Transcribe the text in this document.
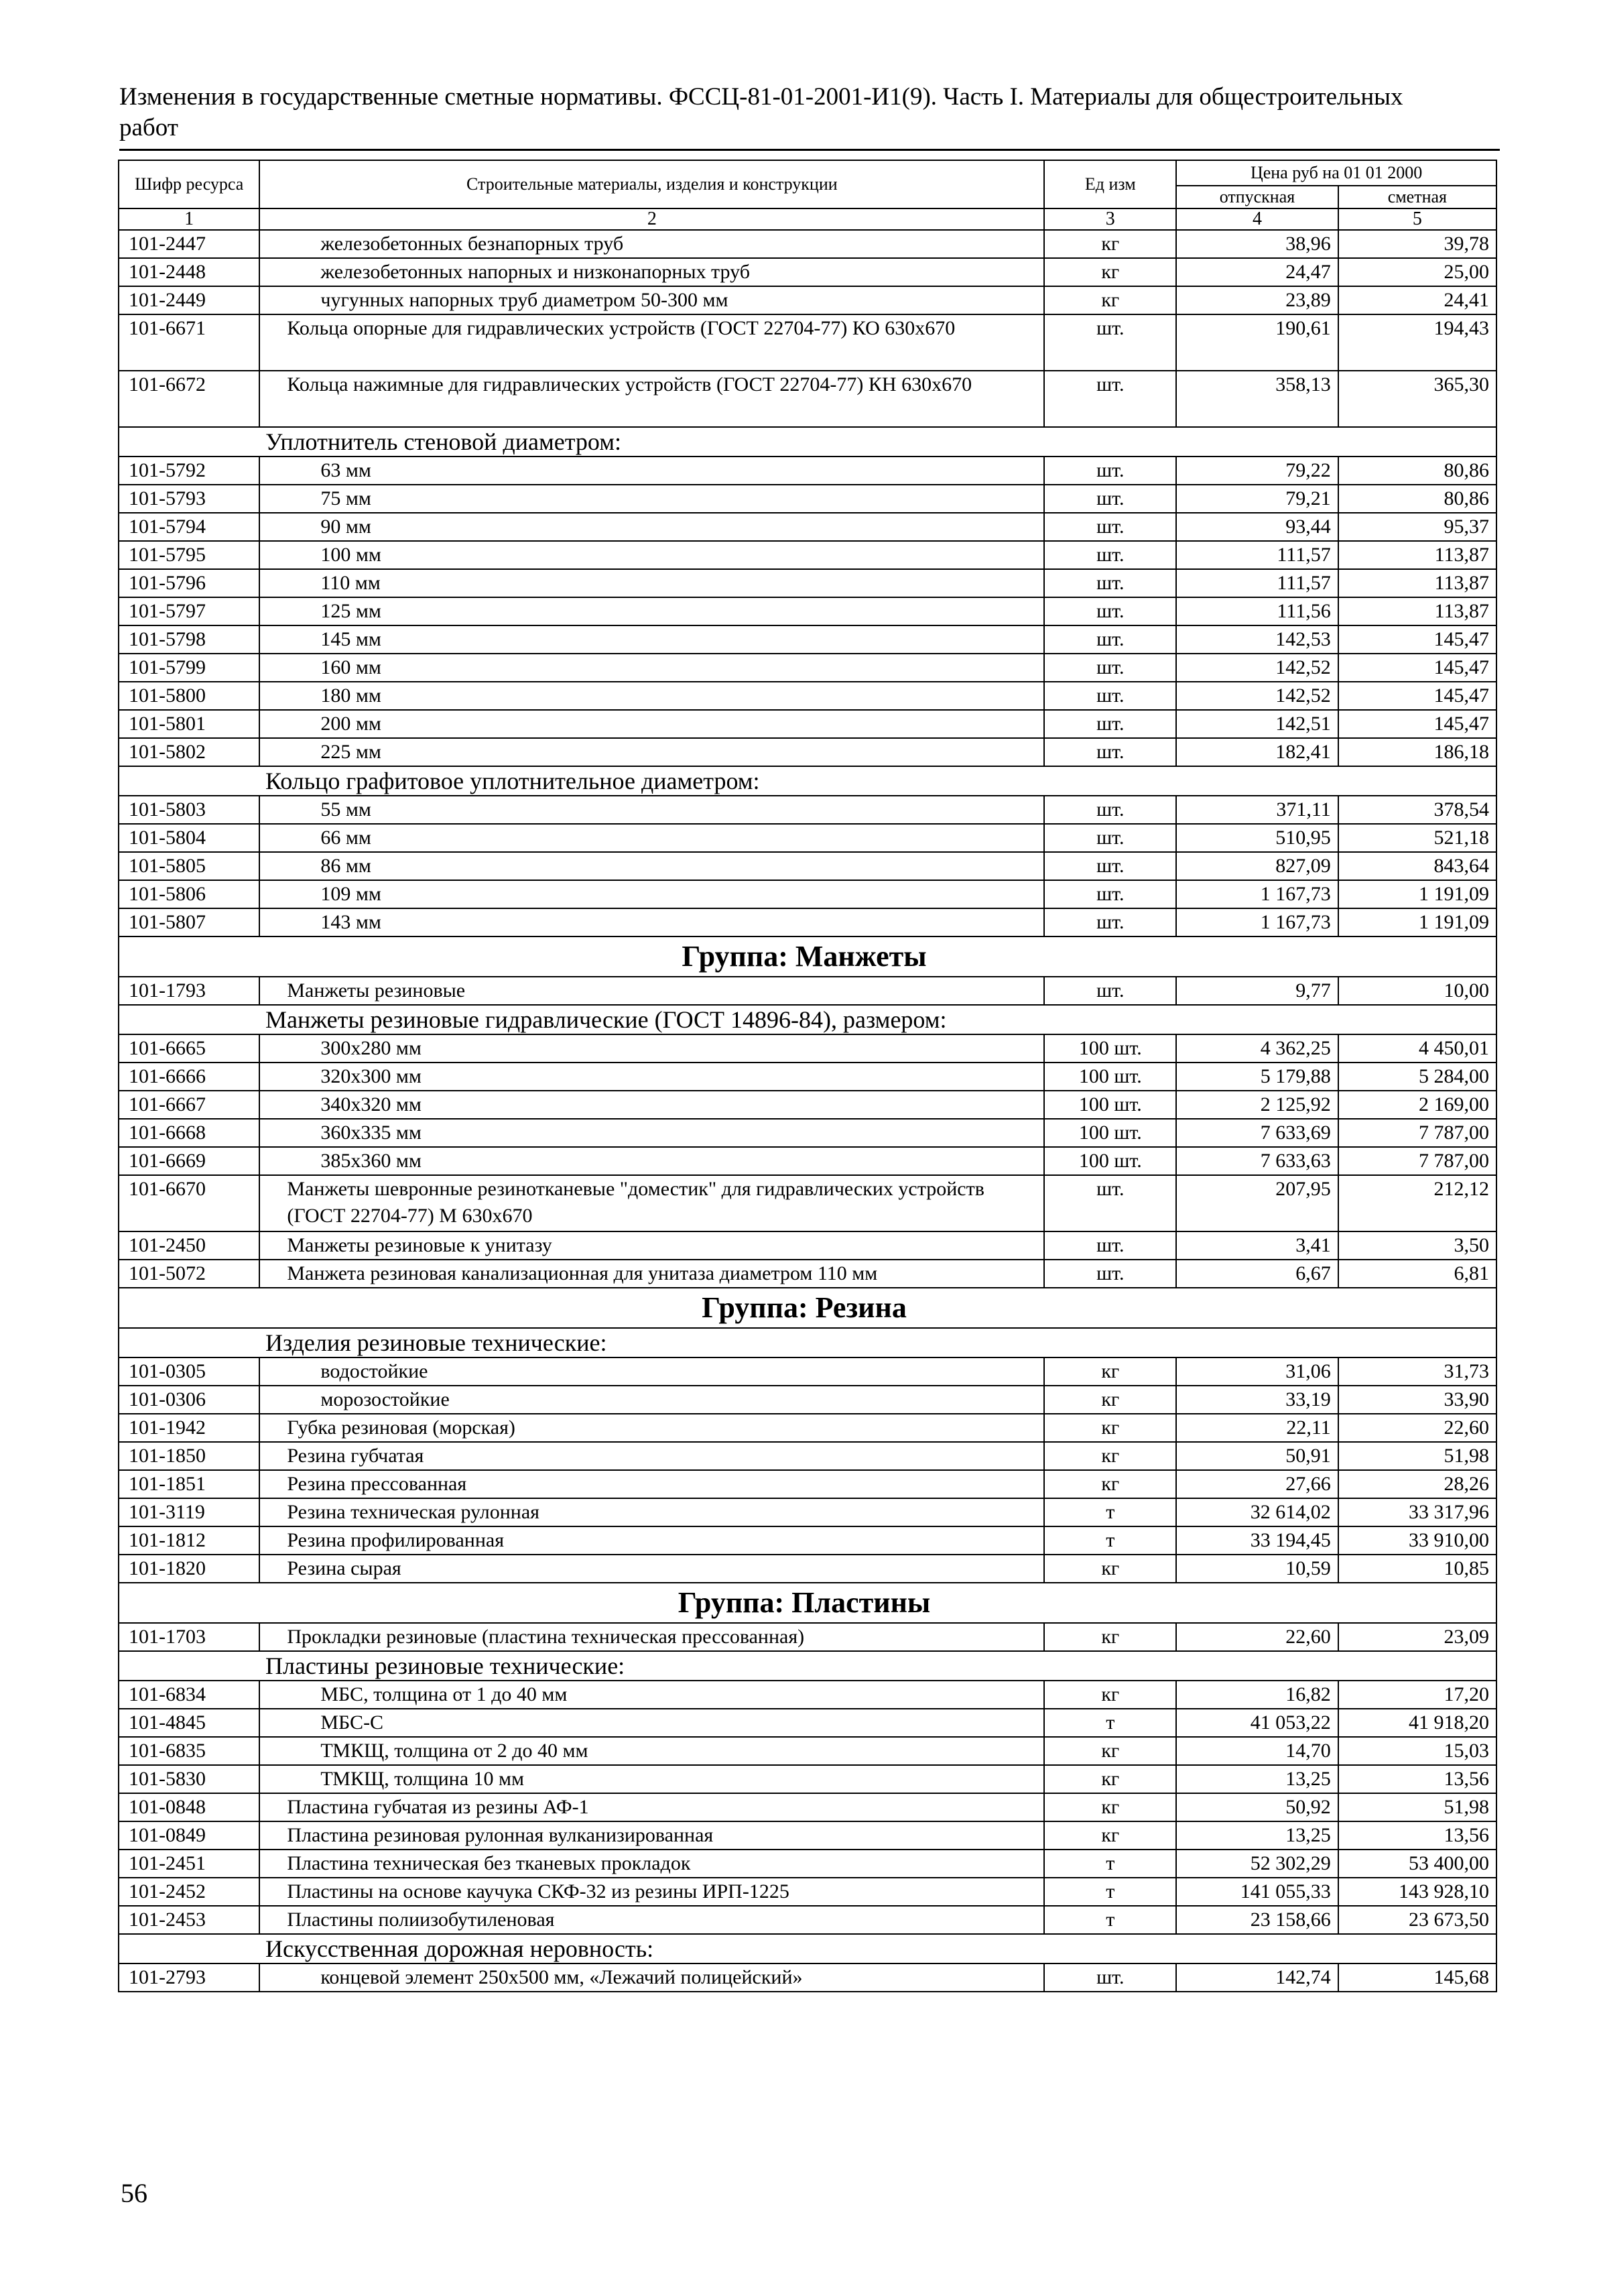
Изменения в государственные сметные нормативы. ФССЦ-81-01-2001-И1(9). Часть I. Материалы для общестроительных работ
Шифр ресурса	Строительные материалы, изделия и конструкции	Ед изм	Цена руб на 01 01 2000	
			отпускная	сметная
1	2	3	4	5
101-2447	железобетонных безнапорных труб	кг	38,96	39,78
101-2448	железобетонных напорных и низконапорных труб	кг	24,47	25,00
101-2449	чугунных напорных труб диаметром 50-300 мм	кг	23,89	24,41
101-6671	Кольца опорные для гидравлических устройств (ГОСТ 22704-77) КО 630х670	шт.	190,61	194,43
101-6672	Кольца нажимные для гидравлических устройств (ГОСТ 22704-77) КН 630х670	шт.	358,13	365,30
Уплотнитель стеновой диаметром:				
101-5792	63 мм	шт.	79,22	80,86
101-5793	75 мм	шт.	79,21	80,86
101-5794	90 мм	шт.	93,44	95,37
101-5795	100 мм	шт.	111,57	113,87
101-5796	110 мм	шт.	111,57	113,87
101-5797	125 мм	шт.	111,56	113,87
101-5798	145 мм	шт.	142,53	145,47
101-5799	160 мм	шт.	142,52	145,47
101-5800	180 мм	шт.	142,52	145,47
101-5801	200 мм	шт.	142,51	145,47
101-5802	225 мм	шт.	182,41	186,18
Кольцо графитовое уплотнительное диаметром:				
101-5803	55 мм	шт.	371,11	378,54
101-5804	66 мм	шт.	510,95	521,18
101-5805	86 мм	шт.	827,09	843,64
101-5806	109 мм	шт.	1 167,73	1 191,09
101-5807	143 мм	шт.	1 167,73	1 191,09
Группа: Манжеты				
101-1793	Манжеты резиновые	шт.	9,77	10,00
Манжеты резиновые гидравлические (ГОСТ 14896-84), размером:				
101-6665	300х280 мм	100 шт.	4 362,25	4 450,01
101-6666	320х300 мм	100 шт.	5 179,88	5 284,00
101-6667	340х320 мм	100 шт.	2 125,92	2 169,00
101-6668	360х335 мм	100 шт.	7 633,69	7 787,00
101-6669	385х360 мм	100 шт.	7 633,63	7 787,00
101-6670	Манжеты шевронные резинотканевые "доместик" для гидравлических устройств (ГОСТ 22704-77) М 630х670	шт.	207,95	212,12
101-2450	Манжеты резиновые к унитазу	шт.	3,41	3,50
101-5072	Манжета резиновая канализационная для унитаза диаметром 110 мм	шт.	6,67	6,81
Группа: Резина				
Изделия резиновые технические:				
101-0305	водостойкие	кг	31,06	31,73
101-0306	морозостойкие	кг	33,19	33,90
101-1942	Губка резиновая (морская)	кг	22,11	22,60
101-1850	Резина губчатая	кг	50,91	51,98
101-1851	Резина прессованная	кг	27,66	28,26
101-3119	Резина техническая рулонная	т	32 614,02	33 317,96
101-1812	Резина профилированная	т	33 194,45	33 910,00
101-1820	Резина сырая	кг	10,59	10,85
Группа: Пластины				
101-1703	Прокладки резиновые (пластина техническая прессованная)	кг	22,60	23,09
Пластины резиновые технические:				
101-6834	МБС, толщина от 1 до 40 мм	кг	16,82	17,20
101-4845	МБС-С	т	41 053,22	41 918,20
101-6835	ТМКЩ, толщина от 2 до 40 мм	кг	14,70	15,03
101-5830	ТМКЩ, толщина 10 мм	кг	13,25	13,56
101-0848	Пластина губчатая из резины АФ-1	кг	50,92	51,98
101-0849	Пластина резиновая рулонная вулканизированная	кг	13,25	13,56
101-2451	Пластина техническая без тканевых прокладок	т	52 302,29	53 400,00
101-2452	Пластины на основе каучука СКФ-32 из резины ИРП-1225	т	141 055,33	143 928,10
101-2453	Пластины полиизобутиленовая	т	23 158,66	23 673,50
Искусственная дорожная неровность:				
101-2793	концевой элемент 250х500 мм, «Лежачий полицейский»	шт.	142,74	145,68
56
